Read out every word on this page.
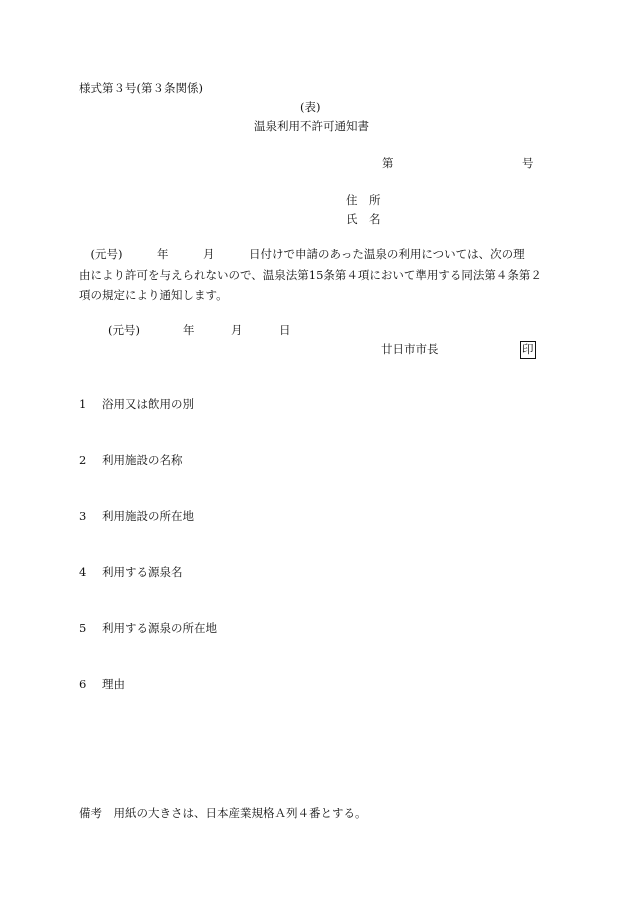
様式第３号(第３条関係)
(表)
温泉利用不許可通知書
第	号
住　所
氏　名
　(元号)　　　年　　　月　　　日付けで申請のあった温泉の利用については、次の理
由により許可を与えられないので、温泉法第15条第４項において準用する同法第４条第２
項の規定により通知します。
(元号)	年	月	日
廿日市市長	印
1 浴用又は飲用の別
2 利用施設の名称
3 利用施設の所在地
4 利用する源泉名
5 利用する源泉の所在地
6 理由
備考　用紙の大きさは、日本産業規格Ａ列４番とする。
